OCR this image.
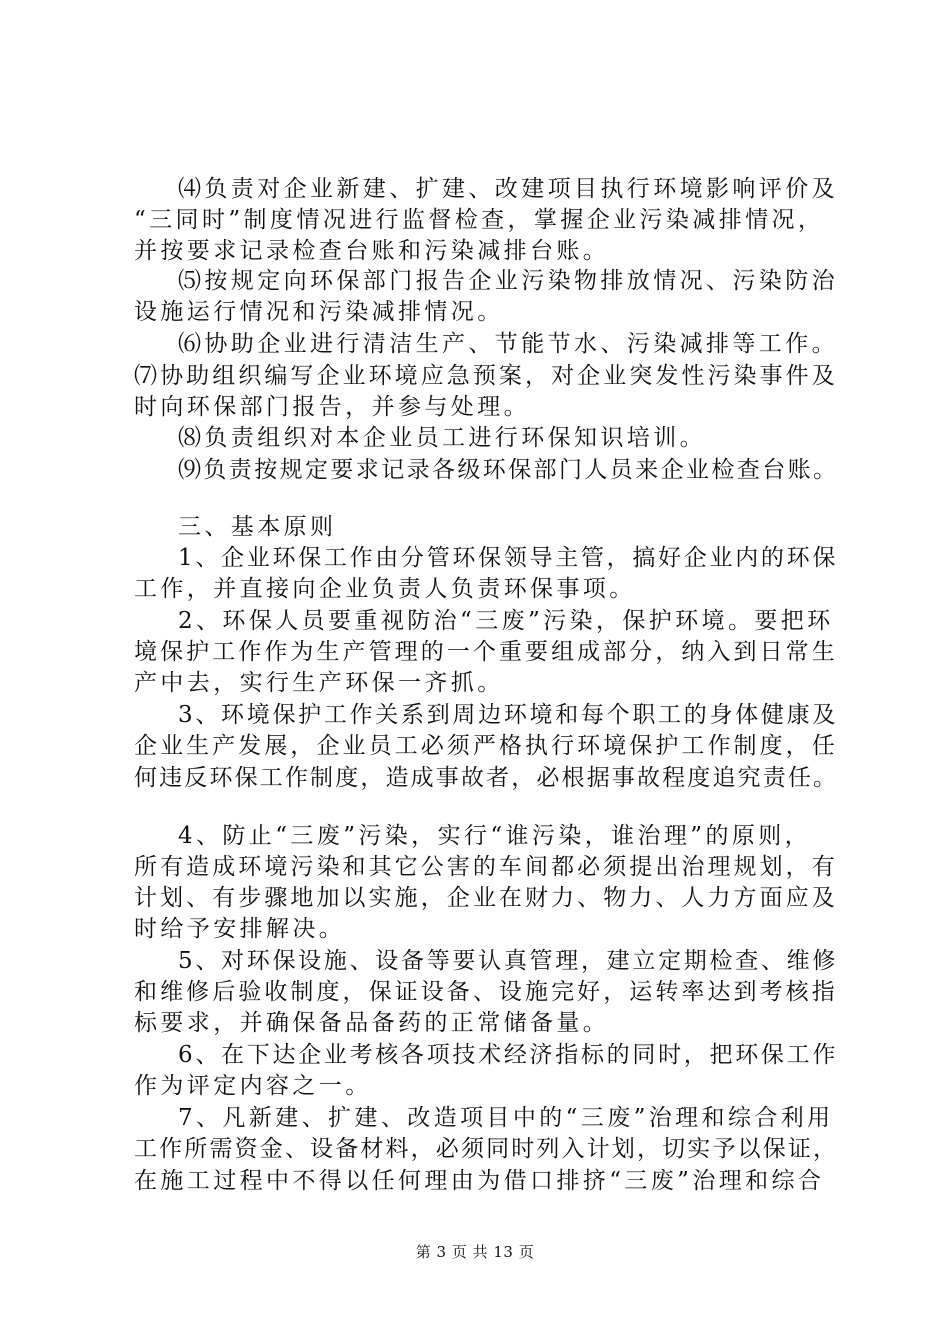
⑷负责对企业新建、扩建、改建项目执行环境影响评价及
“三同时”制度情况进行监督检查，掌握企业污染减排情况，
并按要求记录检查台账和污染减排台账。
⑸按规定向环保部门报告企业污染物排放情况、污染防治
设施运行情况和污染减排情况。
⑹协助企业进行清洁生产、节能节水、污染减排等工作。
⑺协助组织编写企业环境应急预案，对企业突发性污染事件及
时向环保部门报告，并参与处理。
⑻负责组织对本企业员工进行环保知识培训。
⑼负责按规定要求记录各级环保部门人员来企业检查台账。
三、基本原则
1、企业环保工作由分管环保领导主管，搞好企业内的环保
工作，并直接向企业负责人负责环保事项。
2、环保人员要重视防治“三废”污染，保护环境。要把环
境保护工作作为生产管理的一个重要组成部分，纳入到日常生
产中去，实行生产环保一齐抓。
3、环境保护工作关系到周边环境和每个职工的身体健康及
企业生产发展，企业员工必须严格执行环境保护工作制度，任
何违反环保工作制度，造成事故者，必根据事故程度追究责任。
4、防止“三废”污染，实行“谁污染，谁治理”的原则，
所有造成环境污染和其它公害的车间都必须提出治理规划，有
计划、有步骤地加以实施，企业在财力、物力、人力方面应及
时给予安排解决。
5、对环保设施、设备等要认真管理，建立定期检查、维修
和维修后验收制度，保证设备、设施完好，运转率达到考核指
标要求，并确保备品备药的正常储备量。
6、在下达企业考核各项技术经济指标的同时，把环保工作
作为评定内容之一。
7、凡新建、扩建、改造项目中的“三废”治理和综合利用
工作所需资金、设备材料，必须同时列入计划，切实予以保证，
在施工过程中不得以任何理由为借口排挤“三废”治理和综合
第 3 页 共 13 页
